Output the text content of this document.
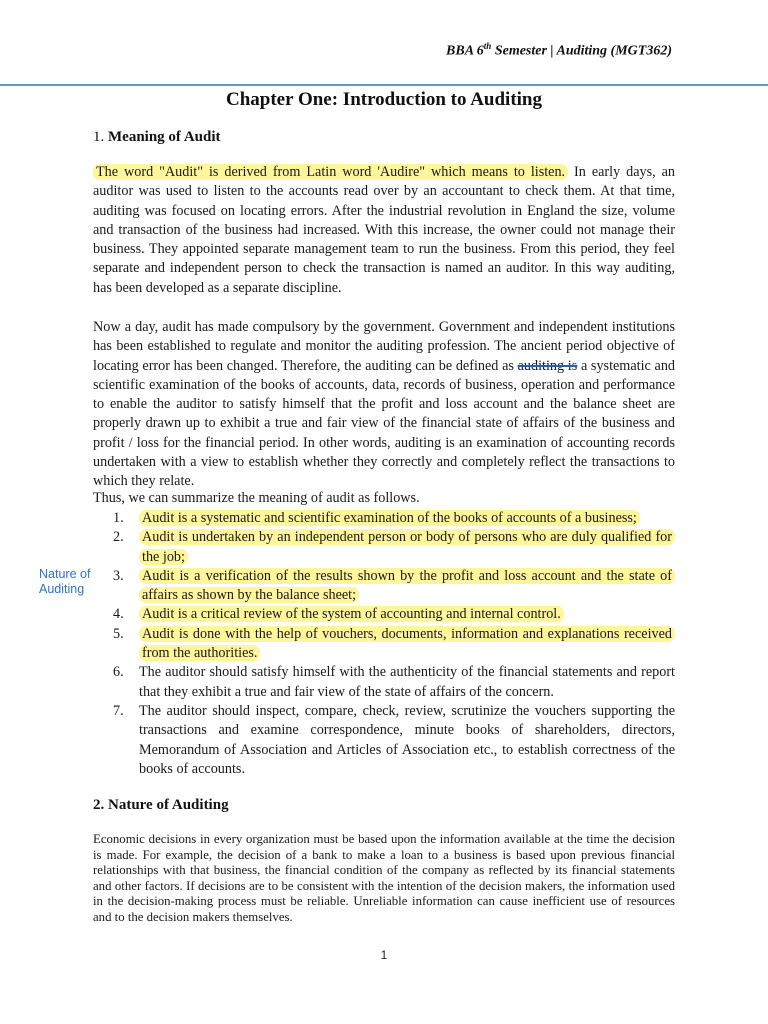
BBA 6th Semester | Auditing (MGT362)
Chapter One: Introduction to Auditing
1. Meaning of Audit

The word "Audit" is derived from Latin word 'Audire" which means to listen. In early days, an auditor was used to listen to the accounts read over by an accountant to check them. At that time, auditing was focused on locating errors. After the industrial revolution in England the size, volume and transaction of the business had increased. With this increase, the owner could not manage their business. They appointed separate management team to run the business. From this period, they feel separate and independent person to check the transaction is named an auditor. In this way auditing, has been developed as a separate discipline.

Now a day, audit has made compulsory by the government. Government and independent institutions has been established to regulate and monitor the auditing profession. The ancient period objective of locating error has been changed. Therefore, the auditing can be defined as auditing is a systematic and scientific examination of the books of accounts, data, records of business, operation and performance to enable the auditor to satisfy himself that the profit and loss account and the balance sheet are properly drawn up to exhibit a true and fair view of the financial state of affairs of the business and profit / loss for the financial period. In other words, auditing is an examination of accounting records undertaken with a view to establish whether they correctly and completely reflect the transactions to which they relate.

Thus, we can summarize the meaning of audit as follows.
1. Audit is a systematic and scientific examination of the books of accounts of a business;
2. Audit is undertaken by an independent person or body of persons who are duly qualified for the job;
3. Audit is a verification of the results shown by the profit and loss account and the state of affairs as shown by the balance sheet;
4. Audit is a critical review of the system of accounting and internal control.
5. Audit is done with the help of vouchers, documents, information and explanations received from the authorities.
6. The auditor should satisfy himself with the authenticity of the financial statements and report that they exhibit a true and fair view of the state of affairs of the concern.
7. The auditor should inspect, compare, check, review, scrutinize the vouchers supporting the transactions and examine correspondence, minute books of shareholders, directors, Memorandum of Association and Articles of Association etc., to establish correctness of the books of accounts.
Nature of
Auditing
2. Nature of Auditing

Economic decisions in every organization must be based upon the information available at the time the decision is made. For example, the decision of a bank to make a loan to a business is based upon previous financial relationships with that business, the financial condition of the company as reflected by its financial statements and other factors. If decisions are to be consistent with the intention of the decision makers, the information used in the decision-making process must be reliable. Unreliable information can cause inefficient use of resources and to the decision makers themselves.

1
